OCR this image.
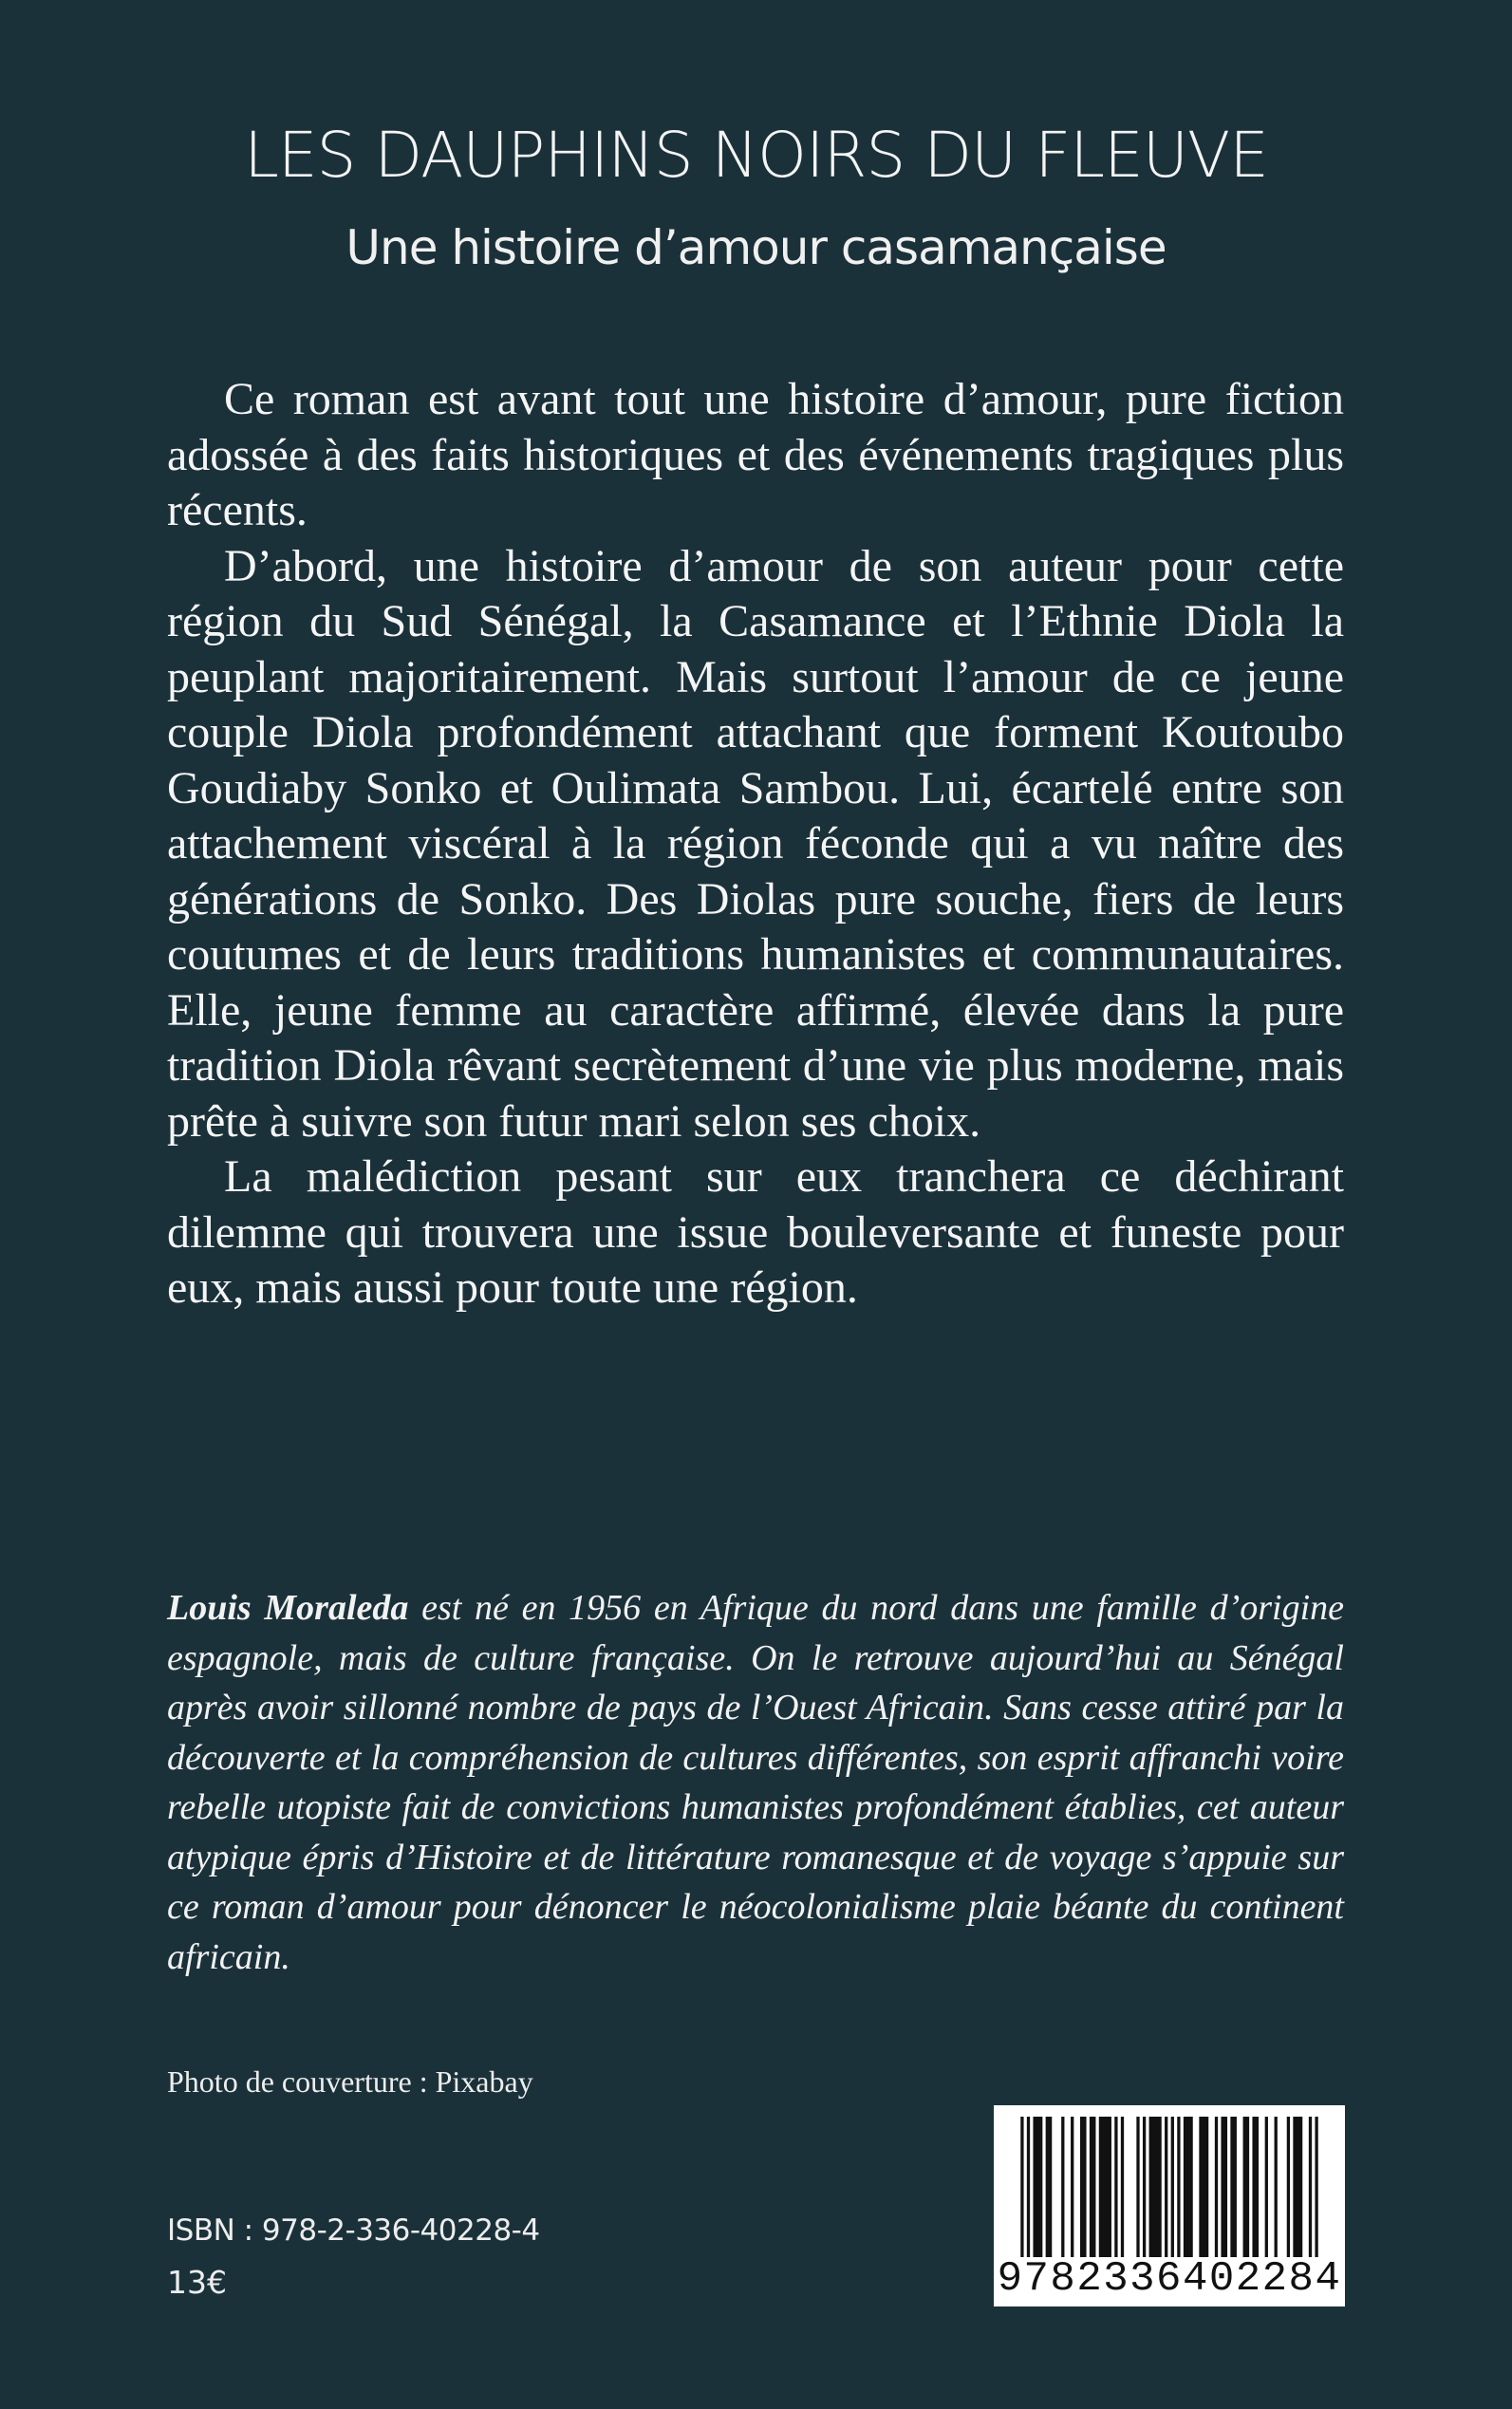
LES DAUPHINS NOIRS DU FLEUVE
Une histoire d’amour casamançaise

Ce roman est avant tout une histoire d’amour, pure fiction adossée à des faits historiques et des événements tragiques plus récents.

D’abord, une histoire d’amour de son auteur pour cette région du Sud Sénégal, la Casamance et l’Ethnie Diola la peuplant majoritairement. Mais surtout l’amour de ce jeune couple Diola profondément attachant que forment Koutoubo Goudiaby Sonko et Oulimata Sambou. Lui, écartelé entre son attachement viscéral à la région féconde qui a vu naître des générations de Sonko. Des Diolas pure souche, fiers de leurs coutumes et de leurs traditions humanistes et communautaires. Elle, jeune femme au caractère affirmé, élevée dans la pure tradition Diola rêvant secrètement d’une vie plus moderne, mais prête à suivre son futur mari selon ses choix.

La malédiction pesant sur eux tranchera ce déchirant dilemme qui trouvera une issue bouleversante et funeste pour eux, mais aussi pour toute une région.

Louis Moraleda est né en 1956 en Afrique du nord dans une famille d’origine espagnole, mais de culture française. On le retrouve aujourd’hui au Sénégal après avoir sillonné nombre de pays de l’Ouest Africain. Sans cesse attiré par la découverte et la compréhension de cultures différentes, son esprit affranchi voire rebelle utopiste fait de convictions humanistes profondément établies, cet auteur atypique épris d’Histoire et de littérature romanesque et de voyage s’appuie sur ce roman d’amour pour dénoncer le néocolonialisme plaie béante du continent africain.

Photo de couverture : Pixabay
ISBN : 978-2-336-40228-4
13€	9782336402284
